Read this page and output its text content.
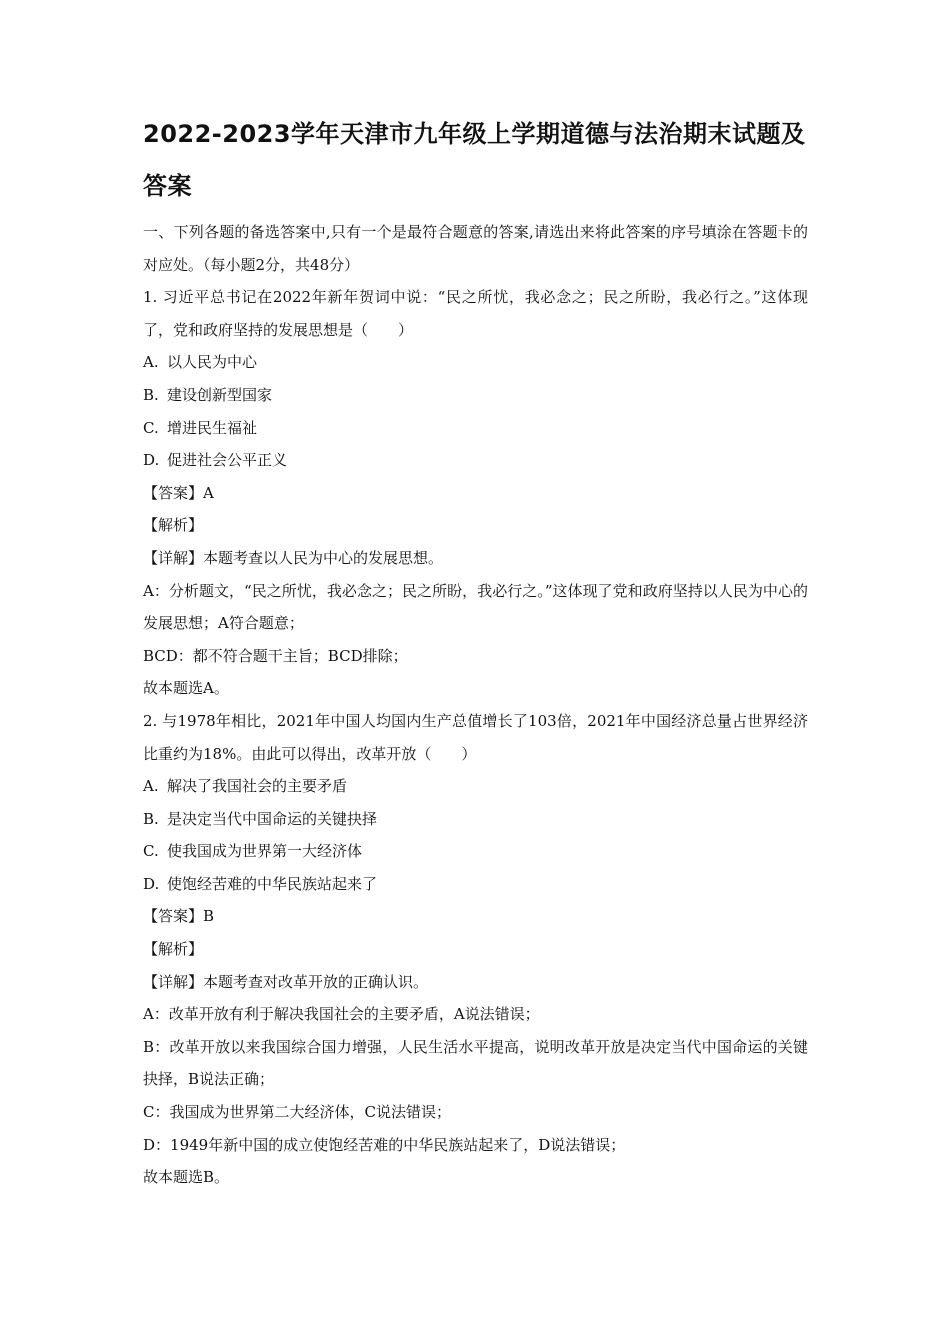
2022-2023学年天津市九年级上学期道德与法治期末试题及答案
一、下列各题的备选答案中,只有一个是最符合题意的答案,请选出来将此答案的序号填涂在答题卡的对应处。（每小题2分，共48分）
1. 习近平总书记在2022年新年贺词中说：“民之所忧，我必念之；民之所盼，我必行之。”这体现了，党和政府坚持的发展思想是（　　）
A. 以人民为中心
B. 建设创新型国家
C. 增进民生福祉
D. 促进社会公平正义
【答案】A
【解析】
【详解】本题考查以人民为中心的发展思想。
A：分析题文，“民之所忧，我必念之；民之所盼，我必行之。”这体现了党和政府坚持以人民为中心的发展思想；A符合题意；
BCD：都不符合题干主旨；BCD排除；
故本题选A。
2. 与1978年相比，2021年中国人均国内生产总值增长了103倍，2021年中国经济总量占世界经济比重约为18%。由此可以得出，改革开放（　　）
A. 解决了我国社会的主要矛盾
B. 是决定当代中国命运的关键抉择
C. 使我国成为世界第一大经济体
D. 使饱经苦难的中华民族站起来了
【答案】B
【解析】
【详解】本题考查对改革开放的正确认识。
A：改革开放有利于解决我国社会的主要矛盾，A说法错误；
B：改革开放以来我国综合国力增强，人民生活水平提高，说明改革开放是决定当代中国命运的关键抉择，B说法正确；
C：我国成为世界第二大经济体，C说法错误；
D：1949年新中国的成立使饱经苦难的中华民族站起来了，D说法错误；
故本题选B。
